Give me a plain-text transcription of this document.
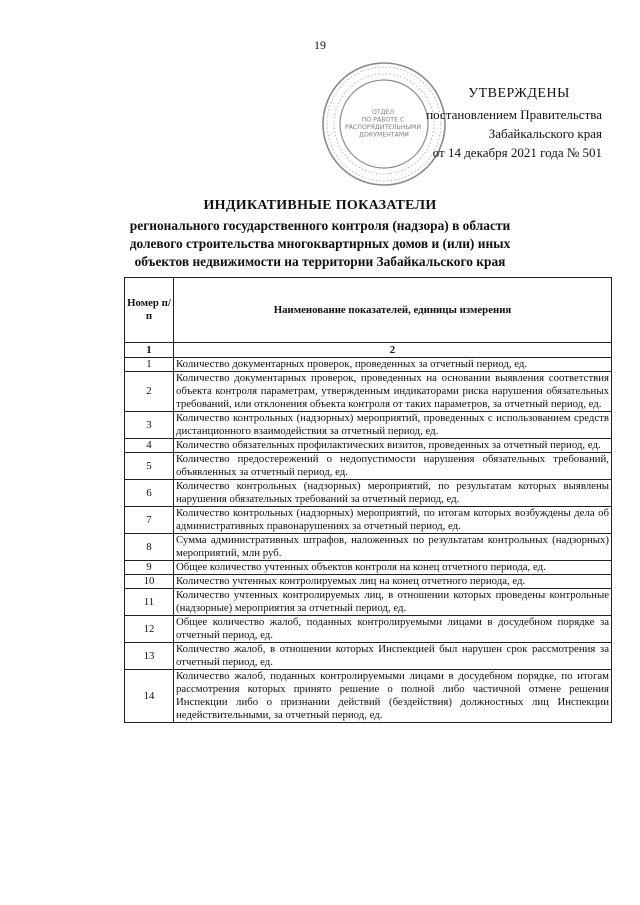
19
ОТДЕЛ ПО РАБОТЕ С РАСПОРЯДИТЕЛЬНЫМИ ДОКУМЕНТАМИ
УТВЕРЖДЕНЫ
постановлением Правительства
Забайкальского края
от 14 декабря 2021 года № 501
ИНДИКАТИВНЫЕ ПОКАЗАТЕЛИ
регионального государственного контроля (надзора) в области
долевого строительства многоквартирных домов и (или) иных
объектов недвижимости на территории Забайкальского края
Номер п/п	Наименование показателей, единицы измерения
1	2
1	Количество документарных проверок, проведенных за отчетный период, ед.
2	Количество документарных проверок, проведенных на основании выявления соответствия объекта контроля параметрам, утвержденным индикаторами риска нарушения обязательных требований, или отклонения объекта контроля от таких параметров, за отчетный период, ед.
3	Количество контрольных (надзорных) мероприятий, проведенных с использованием средств дистанционного взаимодействия за отчетный период, ед.
4	Количество обязательных профилактических визитов, проведенных за отчетный период, ед.
5	Количество предостережений о недопустимости нарушения обязательных требований, объявленных за отчетный период, ед.
6	Количество контрольных (надзорных) мероприятий, по результатам которых выявлены нарушения обязательных требований за отчетный период, ед.
7	Количество контрольных (надзорных) мероприятий, по итогам которых возбуждены дела об административных правонарушениях за отчетный период, ед.
8	Сумма административных штрафов, наложенных по результатам контрольных (надзорных) мероприятий, млн руб.
9	Общее количество учтенных объектов контроля на конец отчетного периода, ед.
10	Количество учтенных контролируемых лиц на конец отчетного периода, ед.
11	Количество учтенных контролируемых лиц, в отношении которых проведены контрольные (надзорные) мероприятия за отчетный период, ед.
12	Общее количество жалоб, поданных контролируемыми лицами в досудебном порядке за отчетный период, ед.
13	Количество жалоб, в отношении которых Инспекцией был нарушен срок рассмотрения за отчетный период, ед.
14	Количество жалоб, поданных контролируемыми лицами в досудебном порядке, по итогам рассмотрения которых принято решение о полной либо частичной отмене решения Инспекции либо о признании действий (бездействия) должностных лиц Инспекции недействительными, за отчетный период, ед.
